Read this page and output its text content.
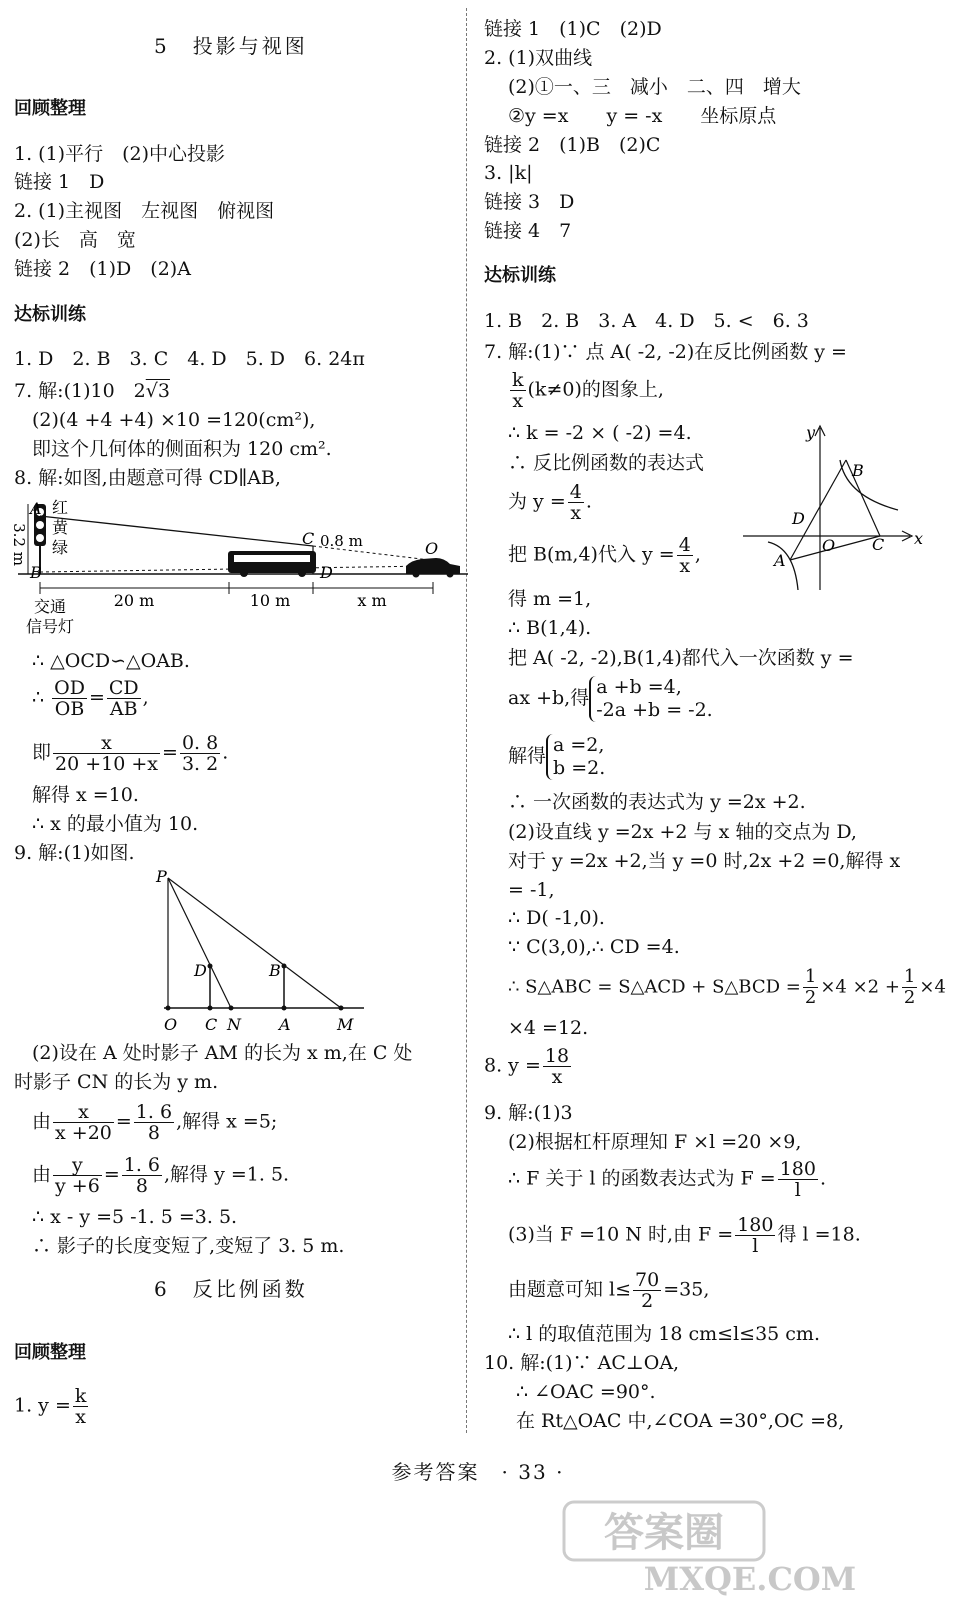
5　投影与视图
回顾整理
1. (1)平行　(2)中心投影
链接 1　D
2. (1)主视图　左视图　俯视图
(2)长　高　宽
链接 2　(1)D　(2)A
达标训练
1. D　2. B　3. C　4. D　5. D　6. 24π
7. 解:(1)10　2√3
(2)(4 +4 +4) ×10 =120(cm²),
即这个几何体的侧面积为 120 cm².
8. 解:如图,由题意可得 CD∥AB,
红
黄
绿
3.2 m
A
B
C 0.8 m
D
O
20 m	10 m	x m
交通
信号灯
∴ △OCD∽△OAB.
∴ $\frac{OD}{OB} = \frac{CD}{AB}$ ,
即 $\frac{x}{20 +10 +x} = \frac{0. 8}{3. 2}$ .
解得 x =10.
∴ x 的最小值为 10.
9. 解:(1)如图.
P
D	B
O C N A	M
(2)设在 A 处时影子 AM 的长为 x m,在 C 处
时影子 CN 的长为 y m.
由 $\frac{x}{x +20} = \frac{1. 6}{8}$ ,解得 x =5;
由 $\frac{y}{y +6} = \frac{1. 6}{8}$ ,解得 y =1. 5.
∴ x - y =5 -1. 5 =3. 5.
∴ 影子的长度变短了,变短了 3. 5 m.
6　反比例函数
回顾整理
1. $y = \frac{k}{x}$
链接 1　(1)C　(2)D
2. (1)双曲线
(2)①一、三　减小　二、四　增大
②y =x　　y = -x　　坐标原点
链接 2　(1)B　(2)C
3. |k|
链接 3　D
链接 4　7
达标训练
1. B　2. B　3. A　4. D　5. <　6. 3
7. 解:(1)∵ 点 A( -2, -2)在反比例函数 y =
$\frac{k}{x} (k\ne 0)$的图象上,
∴ k = -2 × ( -2) =4.
∴ 反比例函数的表达式
为 $y = \frac{4}{x}$ .
把 B(m,4)代入 $y = \frac{4}{x}$ ,
y
x
O
A
B
C
D
得 m =1,
∴ B(1,4).
把 A( -2, -2),B(1,4)都代入一次函数 y =
ax +b,得 a +b =4,
-2a +b = -2.
解得 a =2,
b =2.
∴ 一次函数的表达式为 y =2x +2.
(2)设直线 y =2x +2 与 x 轴的交点为 D,
对于 y =2x +2,当 y =0 时,2x +2 =0,解得 x
= -1,
∴ D( -1,0).
∵ C(3,0),∴ CD =4.
∴ S△ABC = S△ACD + S△BCD = $\frac{1}{2} \times 4 \times 2 + \frac{1}{2} \times 4$
×4 =12.
8. $y = \frac{18}{x}$
9. 解:(1)3
(2)根据杠杆原理知 F ×l =20 ×9,
∴ F 关于 l 的函数表达式为 $F = \frac{180}{l}$ .
(3)当 F =10 N 时,由 $F = \frac{180}{l}$ 得 l =18.
由题意可知 $l\le \frac{70}{2} =35$,
∴ l 的取值范围为 18 cm≤l≤35 cm.
10. 解:(1)∵ AC⊥OA,
∴ ∠OAC =90°.
在 Rt△OAC 中,∠COA =30°,OC =8,
参考答案　· 33 ·
答案圈
MXQE.COM
